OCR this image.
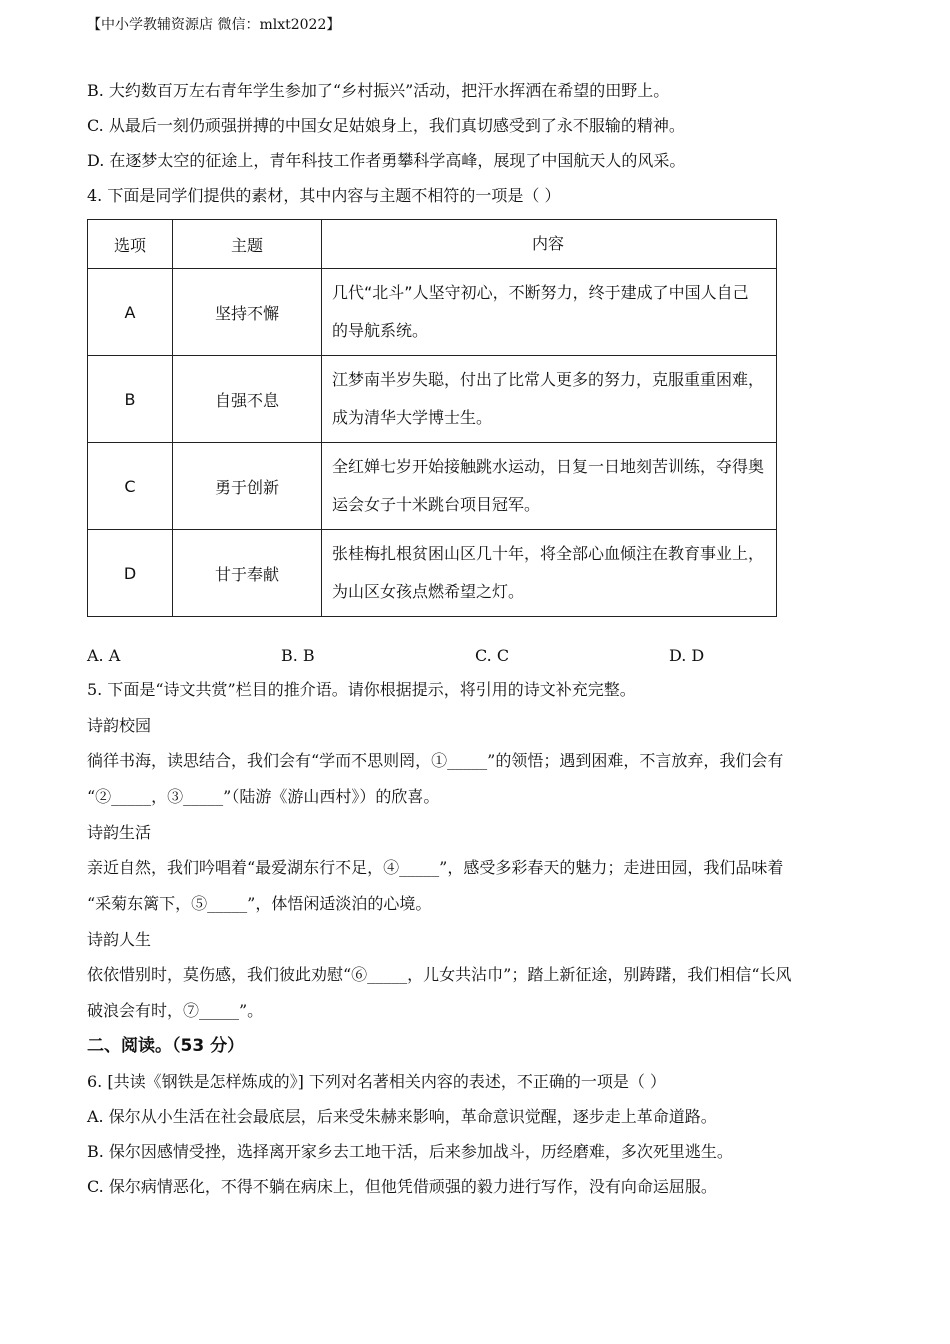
【中小学教辅资源店 微信：mlxt2022】
B. 大约数百万左右青年学生参加了“乡村振兴”活动，把汗水挥洒在希望的田野上。
C. 从最后一刻仍顽强拼搏的中国女足姑娘身上，我们真切感受到了永不服输的精神。
D. 在逐梦太空的征途上，青年科技工作者勇攀科学高峰，展现了中国航天人的风采。
4. 下面是同学们提供的素材，其中内容与主题不相符的一项是（ ）
选项	主题	内容
A	坚持不懈	几代“北斗”人坚守初心，不断努力，终于建成了中国人自己的导航系统。
B	自强不息	江梦南半岁失聪，付出了比常人更多的努力，克服重重困难，成为清华大学博士生。
C	勇于创新	全红婵七岁开始接触跳水运动，日复一日地刻苦训练，夺得奥运会女子十米跳台项目冠军。
D	甘于奉献	张桂梅扎根贫困山区几十年，将全部心血倾注在教育事业上，为山区女孩点燃希望之灯。
A. A	B. B	C. C	D. D
5. 下面是“诗文共赏”栏目的推介语。请你根据提示，将引用的诗文补充完整。
诗韵校园
徜徉书海，读思结合，我们会有“学而不思则罔，①_____”的领悟；遇到困难，不言放弃，我们会有
“②_____，③_____”（陆游《游山西村》）的欣喜。
诗韵生活
亲近自然，我们吟唱着“最爱湖东行不足，④_____”，感受多彩春天的魅力；走进田园，我们品味着
“采菊东篱下，⑤_____”，体悟闲适淡泊的心境。
诗韵人生
依依惜别时，莫伤感，我们彼此劝慰“⑥_____，儿女共沾巾”；踏上新征途，别踌躇，我们相信“长风
破浪会有时，⑦_____”。
二、阅读。（53 分）
6. [共读《钢铁是怎样炼成的》] 下列对名著相关内容的表述，不正确的一项是（ ）
A. 保尔从小生活在社会最底层，后来受朱赫来影响，革命意识觉醒，逐步走上革命道路。
B. 保尔因感情受挫，选择离开家乡去工地干活，后来参加战斗，历经磨难，多次死里逃生。
C. 保尔病情恶化，不得不躺在病床上，但他凭借顽强的毅力进行写作，没有向命运屈服。
